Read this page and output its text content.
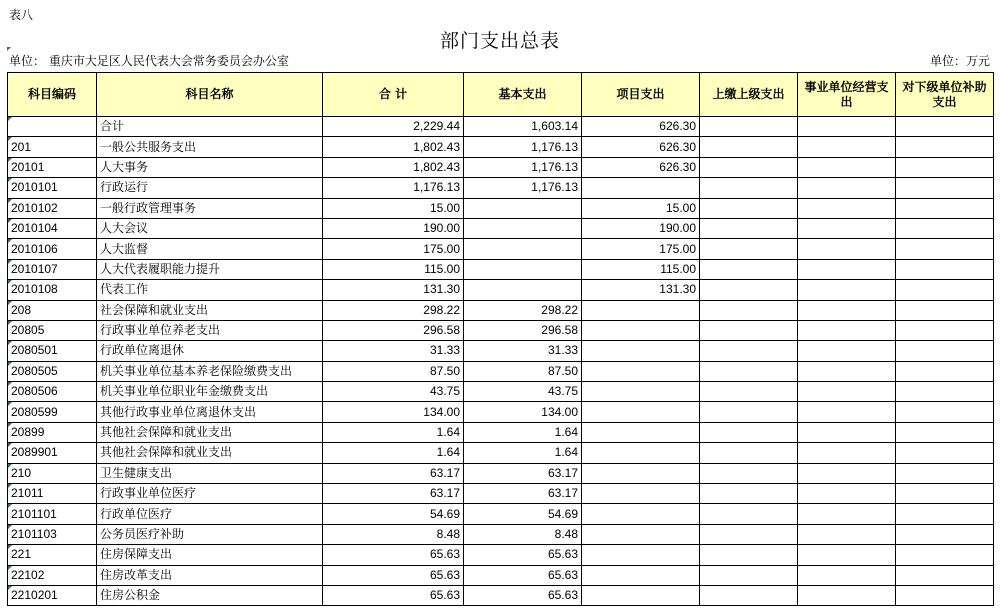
表八
部门支出总表
单位： 重庆市大足区人民代表大会常务委员会办公室	单位：万元
科目编码	科目名称	合 计	基本支出	项目支出	上缴上级支出	事业单位经营支出	对下级单位补助支出

	合计	2,229.44	1,603.14	626.30			

201	一般公共服务支出	1,802.43	1,176.13	626.30			

20101	人大事务	1,802.43	1,176.13	626.30			

2010101	行政运行	1,176.13	1,176.13				

2010102	一般行政管理事务	15.00		15.00			

2010104	人大会议	190.00		190.00			

2010106	人大监督	175.00		175.00			

2010107	人大代表履职能力提升	115.00		115.00			

2010108	代表工作	131.30		131.30			

208	社会保障和就业支出	298.22	298.22				

20805	行政事业单位养老支出	296.58	296.58				

2080501	行政单位离退休	31.33	31.33				

2080505	机关事业单位基本养老保险缴费支出	87.50	87.50				

2080506	机关事业单位职业年金缴费支出	43.75	43.75				

2080599	其他行政事业单位离退休支出	134.00	134.00				

20899	其他社会保障和就业支出	1.64	1.64				

2089901	其他社会保障和就业支出	1.64	1.64				

210	卫生健康支出	63.17	63.17				

21011	行政事业单位医疗	63.17	63.17				

2101101	行政单位医疗	54.69	54.69				

2101103	公务员医疗补助	8.48	8.48				

221	住房保障支出	65.63	65.63				

22102	住房改革支出	65.63	65.63				

2210201	住房公积金	65.63	65.63				
